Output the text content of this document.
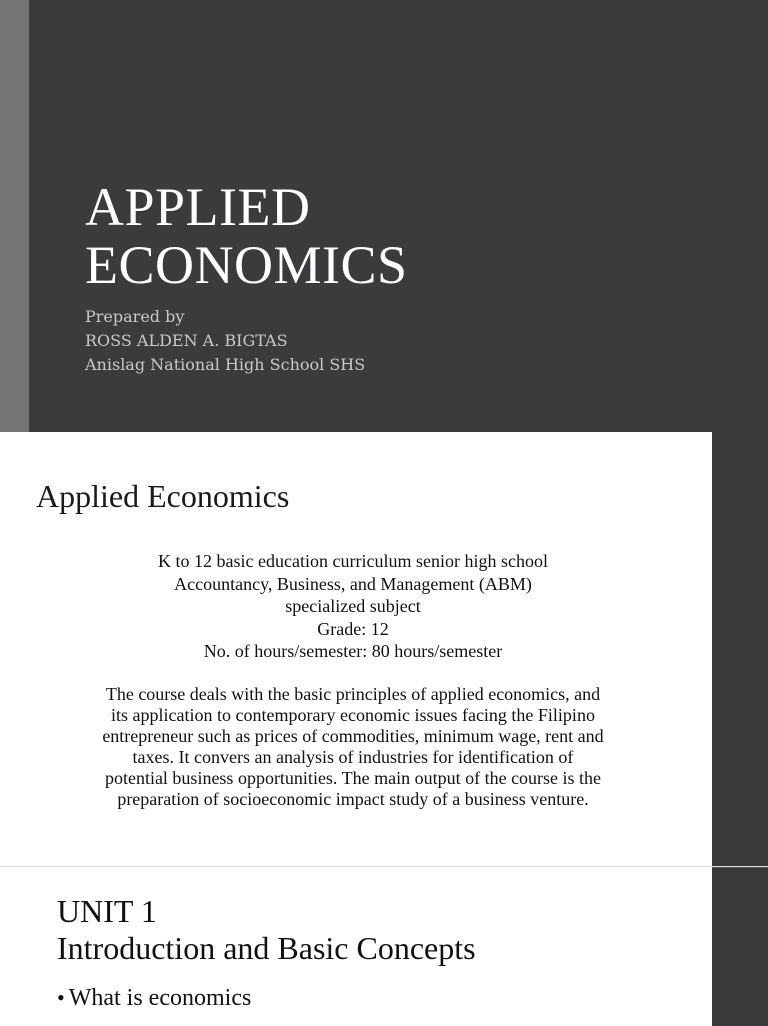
APPLIED
ECONOMICS
Prepared by
ROSS ALDEN A. BIGTAS
Anislag National High School SHS
Applied Economics
K to 12 basic education curriculum senior high school
Accountancy, Business, and Management (ABM)
specialized subject
Grade: 12
No. of hours/semester: 80 hours/semester
The course deals with the basic principles of applied economics, and
its application to contemporary economic issues facing the Filipino
entrepreneur such as prices of commodities, minimum wage, rent and
taxes. It convers an analysis of industries for identification of
potential business opportunities. The main output of the course is the
preparation of socioeconomic impact study of a business venture.
UNIT 1
Introduction and Basic Concepts
• What is economics
